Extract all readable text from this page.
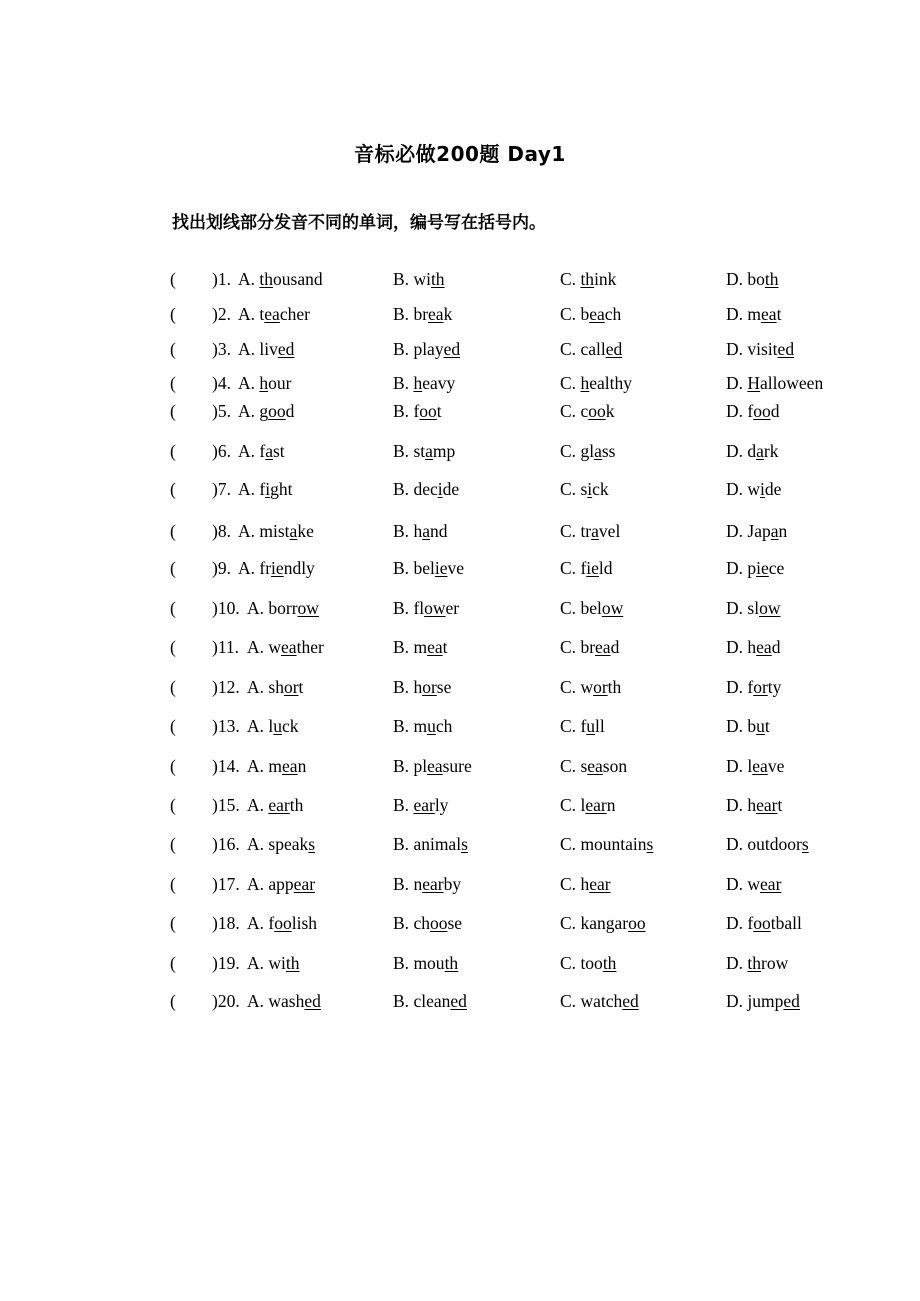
音标必做200题 Day1
找出划线部分发音不同的单词，编号写在括号内。
( )1. A. thousand	B. with	C. think	D. both
( )2. A. teacher	B. break	C. beach	D. meat
( )3. A. lived	B. played	C. called	D. visited
( )4. A. hour	B. heavy	C. healthy	D. Halloween
( )5. A. good	B. foot	C. cook	D. food
( )6. A. fast	B. stamp	C. glass	D. dark
( )7. A. fight	B. decide	C. sick	D. wide
( )8. A. mistake	B. hand	C. travel	D. Japan
( )9. A. friendly	B. believe	C. field	D. piece
( )10. A. borrow	B. flower	C. below	D. slow
( )11. A. weather	B. meat	C. bread	D. head
( )12. A. short	B. horse	C. worth	D. forty
( )13. A. luck	B. much	C. full	D. but
( )14. A. mean	B. pleasure	C. season	D. leave
( )15. A. earth	B. early	C. learn	D. heart
( )16. A. speaks	B. animals	C. mountains	D. outdoors
( )17. A. appear	B. nearby	C. hear	D. wear
( )18. A. foolish	B. choose	C. kangaroo	D. football
( )19. A. with	B. mouth	C. tooth	D. throw
( )20. A. washed	B. cleaned	C. watched	D. jumped
